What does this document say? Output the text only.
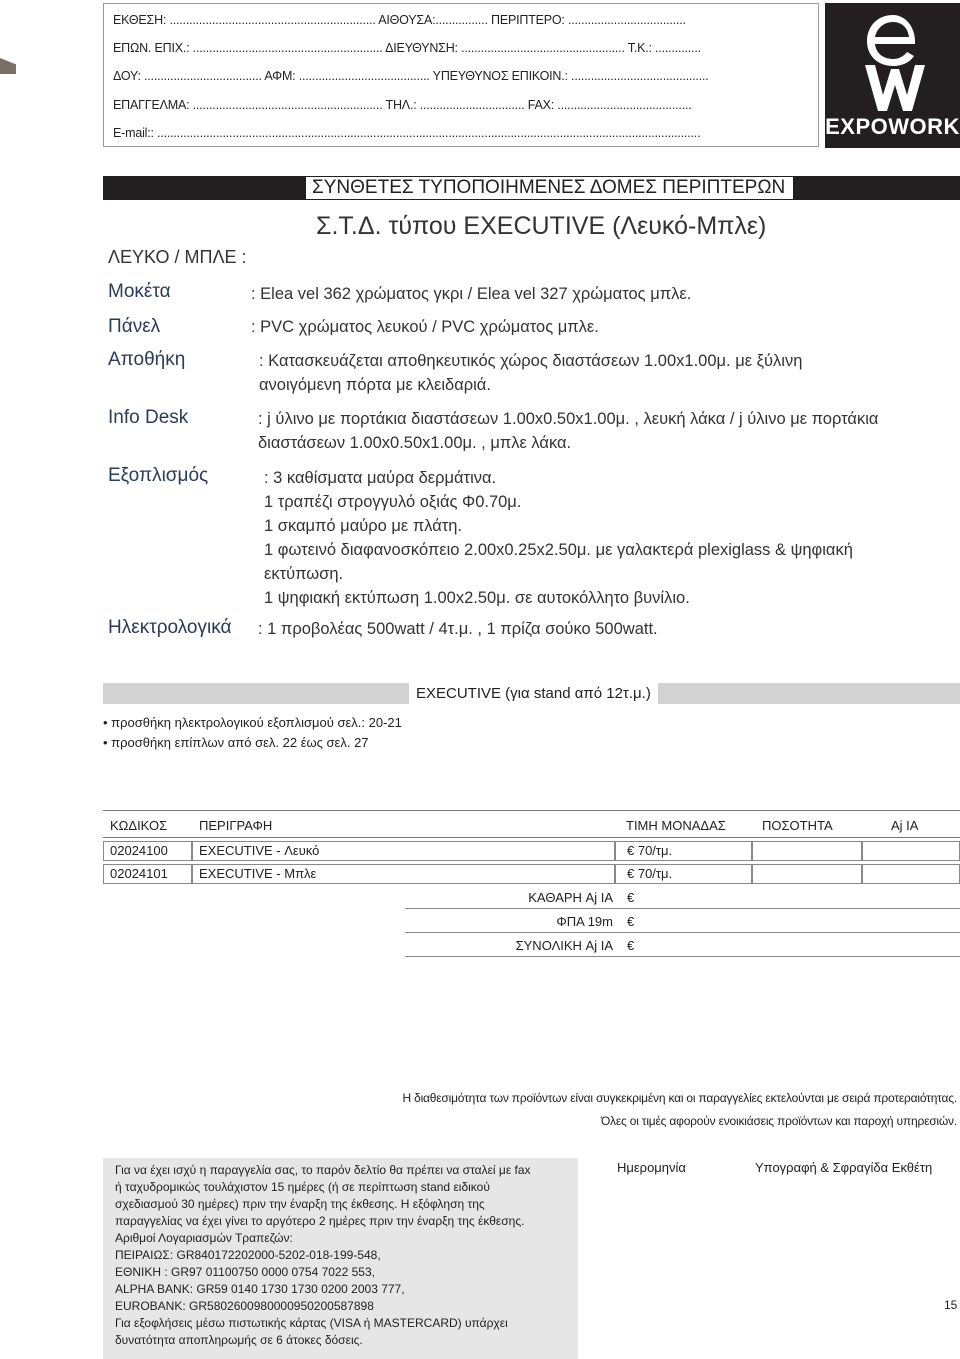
ΕΚΘΕΣΗ: ............................................................... ΑΙΘΟΥΣΑ:................ ΠΕΡΙΠΤΕΡΟ: ....................................
ΕΠΩΝ. ΕΠΙΧ.: .......................................................... ΔΙΕΥΘΥΝΣΗ: .................................................. Τ.Κ.: ..............
ΔΟΥ: .................................... ΑΦΜ: ........................................ ΥΠΕΥΘΥΝΟΣ ΕΠΙΚΟΙΝ.: ..........................................
ΕΠΑΓΓΕΛΜΑ: .......................................................... ΤΗΛ.: ................................ FAX: .........................................
E-mail:: ......................................................................................................................................................................	EXPOWORK
ΣΥΝΘΕΤΕΣ ΤΥΠΟΠΟΙΗΜΕΝΕΣ ΔΟΜΕΣ ΠΕΡΙΠΤΕΡΩΝ
Σ.Τ.Δ. τύπου EXECUTIVE (Λευκό-Μπλε)
ΛΕΥΚΟ / ΜΠΛΕ :
Μοκέτα	: Elea vel 362 χρώματος γκρι / Elea vel 327 χρώματος μπλε.
Πάνελ	: PVC χρώματος λευκού / PVC χρώματος μπλε.
Αποθήκη	: Κατασκευάζεται αποθηκευτικός χώρος διαστάσεων 1.00x1.00μ. με ξύλινη
ανοιγόμενη πόρτα με κλειδαριά.
Info Desk	: j ύλινο με πορτάκια διαστάσεων 1.00x0.50x1.00μ. , λευκή λάκα / j ύλινο με πορτάκια
διαστάσεων 1.00x0.50x1.00μ. , μπλε λάκα.
Εξοπλισμός	: 3 καθίσματα μαύρα δερμάτινα.
1 τραπέζι στρογγυλό οξιάς Φ0.70μ.
1 σκαμπό μαύρο με πλάτη.
1 φωτεινό διαφανοσκόπειο 2.00x0.25x2.50μ. με γαλακτερά plexiglass & ψηφιακή
εκτύπωση.
1 ψηφιακή εκτύπωση 1.00x2.50μ. σε αυτοκόλλητο βυνίλιο.
Ηλεκτρολογικά : 1 προβολέας 500watt / 4τ.μ. , 1 πρίζα σούκο 500watt.
EXECUTIVE (για stand από 12τ.μ.)
• προσθήκη ηλεκτρολογικού εξοπλισμού σελ.: 20-21
• προσθήκη επίπλων από σελ. 22 έως σελ. 27
ΚΩΔΙΚΟΣ ΠΕΡΙΓΡΑΦΗ	ΤΙΜΗ ΜΟΝΑΔΑΣ	ΠΟΣΟΤΗΤΑ	Aj IA
02024100 EXECUTIVE - Λευκό	€ 70/τμ.
02024101 EXECUTIVE - Μπλε	€ 70/τμ.
ΚΑΘΑΡΗ Aj IA €
ΦΠΑ 19m €
ΣΥΝΟΛΙΚΗ Aj IA €
Η διαθεσιμότητα των προϊόντων είναι συγκεκριμένη και οι παραγγελίες εκτελούνται με σειρά προτεραιότητας.
Όλες οι τιμές αφορούν ενοικιάσεις προϊόντων και παροχή υπηρεσιών.
Για να έχει ισχύ η παραγγελία σας, το παρόν δελτίο θα πρέπει να σταλεί με fax
ή ταχυδρομικώς τουλάχιστον 15 ημέρες (ή σε περίπτωση stand ειδικού
σχεδιασμού 30 ημέρες) πριν την έναρξη της έκθεσης. Η εξόφληση της
παραγγελίας να έχει γίνει το αργότερο 2 ημέρες πριν την έναρξη της έκθεσης.
Αριθμοί Λογαριασμών Τραπεζών:
ΠΕΙΡΑΙΩΣ: GR840172202000-5202-018-199-548,
ΕΘΝΙΚΗ : GR97 01100750 0000 0754 7022 553,
ALPHA BANK: GR59 0140 1730 1730 0200 2003 777,
EUROBANK: GR5802600980000950200587898
Για εξοφλήσεις μέσω πιστωτικής κάρτας (VISA ή MASTERCARD) υπάρχει
δυνατότητα αποπληρωμής σε 6 άτοκες δόσεις.
Ημερομηνία	Υπογραφή & Σφραγίδα Εκθέτη
15
